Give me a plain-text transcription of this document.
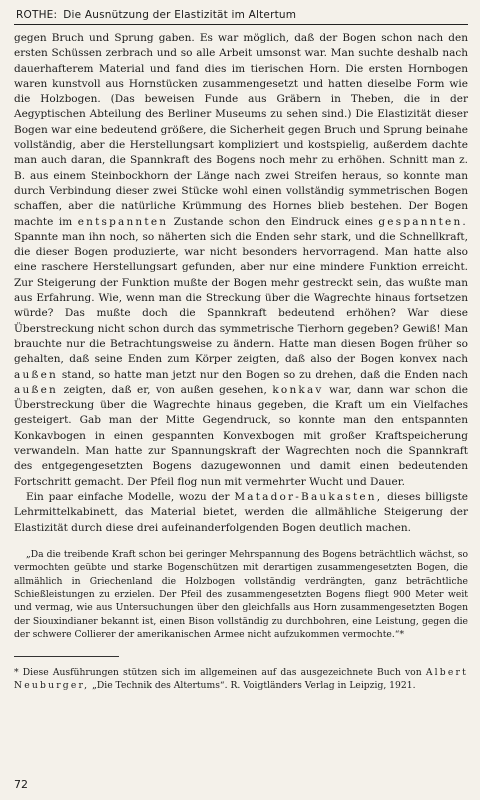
ROTHE: Die Ausnützung der Elastizität im Altertum

gegen Bruch und Sprung gaben. Es war möglich, daß der Bogen schon nach den ersten Schüssen zerbrach und so alle Arbeit umsonst war. Man suchte deshalb nach dauerhafterem Material und fand dies im tierischen Horn. Die ersten Hornbogen waren kunstvoll aus Hornstücken zusammengesetzt und hatten dieselbe Form wie die Holzbogen. (Das beweisen Funde aus Gräbern in Theben, die in der Aegyptischen Abteilung des Berliner Museums zu sehen sind.) Die Elastizität dieser Bogen war eine bedeutend größere, die Sicherheit gegen Bruch und Sprung beinahe vollständig, aber die Herstellungsart kompliziert und kostspielig, außerdem dachte man auch daran, die Spannkraft des Bogens noch mehr zu erhöhen. Schnitt man z. B. aus einem Steinbockhorn der Länge nach zwei Streifen heraus, so konnte man durch Verbindung dieser zwei Stücke wohl einen vollständig symmetrischen Bogen schaffen, aber die natürliche Krümmung des Hornes blieb bestehen. Der Bogen machte im entspannten Zustande schon den Eindruck eines gespannten. Spannte man ihn noch, so näherten sich die Enden sehr stark, und die Schnellkraft, die dieser Bogen produzierte, war nicht besonders hervorragend. Man hatte also eine raschere Herstellungsart gefunden, aber nur eine mindere Funktion erreicht. Zur Steigerung der Funktion mußte der Bogen mehr gestreckt sein, das wußte man aus Erfahrung. Wie, wenn man die Streckung über die Wagrechte hinaus fortsetzen würde? Das mußte doch die Spannkraft bedeutend erhöhen? War diese Überstreckung nicht schon durch das symmetrische Tierhorn gegeben? Gewiß! Man brauchte nur die Betrachtungsweise zu ändern. Hatte man diesen Bogen früher so gehalten, daß seine Enden zum Körper zeigten, daß also der Bogen konvex nach außen stand, so hatte man jetzt nur den Bogen so zu drehen, daß die Enden nach außen zeigten, daß er, von außen gesehen, konkav war, dann war schon die Überstreckung über die Wagrechte hinaus gegeben, die Kraft um ein Vielfaches gesteigert. Gab man der Mitte Gegendruck, so konnte man den entspannten Konkavbogen in einen gespannten Konvexbogen mit großer Kraftspeicherung verwandeln. Man hatte zur Spannungskraft der Wagrechten noch die Spannkraft des entgegengesetzten Bogens dazugewonnen und damit einen bedeutenden Fortschritt gemacht. Der Pfeil flog nun mit vermehrter Wucht und Dauer.

Ein paar einfache Modelle, wozu der Matador-Baukasten, dieses billigste Lehrmittelkabinett, das Material bietet, werden die allmähliche Steigerung der Elastizität durch diese drei aufeinanderfolgenden Bogen deutlich machen.

„Da die treibende Kraft schon bei geringer Mehrspannung des Bogens beträchtlich wächst, so vermochten geübte und starke Bogenschützen mit derartigen zusammengesetzten Bogen, die allmählich in Griechenland die Holzbogen vollständig verdrängten, ganz beträchtliche Schießleistungen zu erzielen. Der Pfeil des zusammengesetzten Bogens fliegt 900 Meter weit und vermag, wie aus Untersuchungen über den gleichfalls aus Horn zusammengesetzten Bogen der Siouxindianer bekannt ist, einen Bison vollständig zu durchbohren, eine Leistung, gegen die der schwere Collierer der amerikanischen Armee nicht aufzukommen vermochte.“*

* Diese Ausführungen stützen sich im allgemeinen auf das ausgezeichnete Buch von Albert Neuburger, „Die Technik des Altertums“. R. Voigtländers Verlag in Leipzig, 1921.

72
